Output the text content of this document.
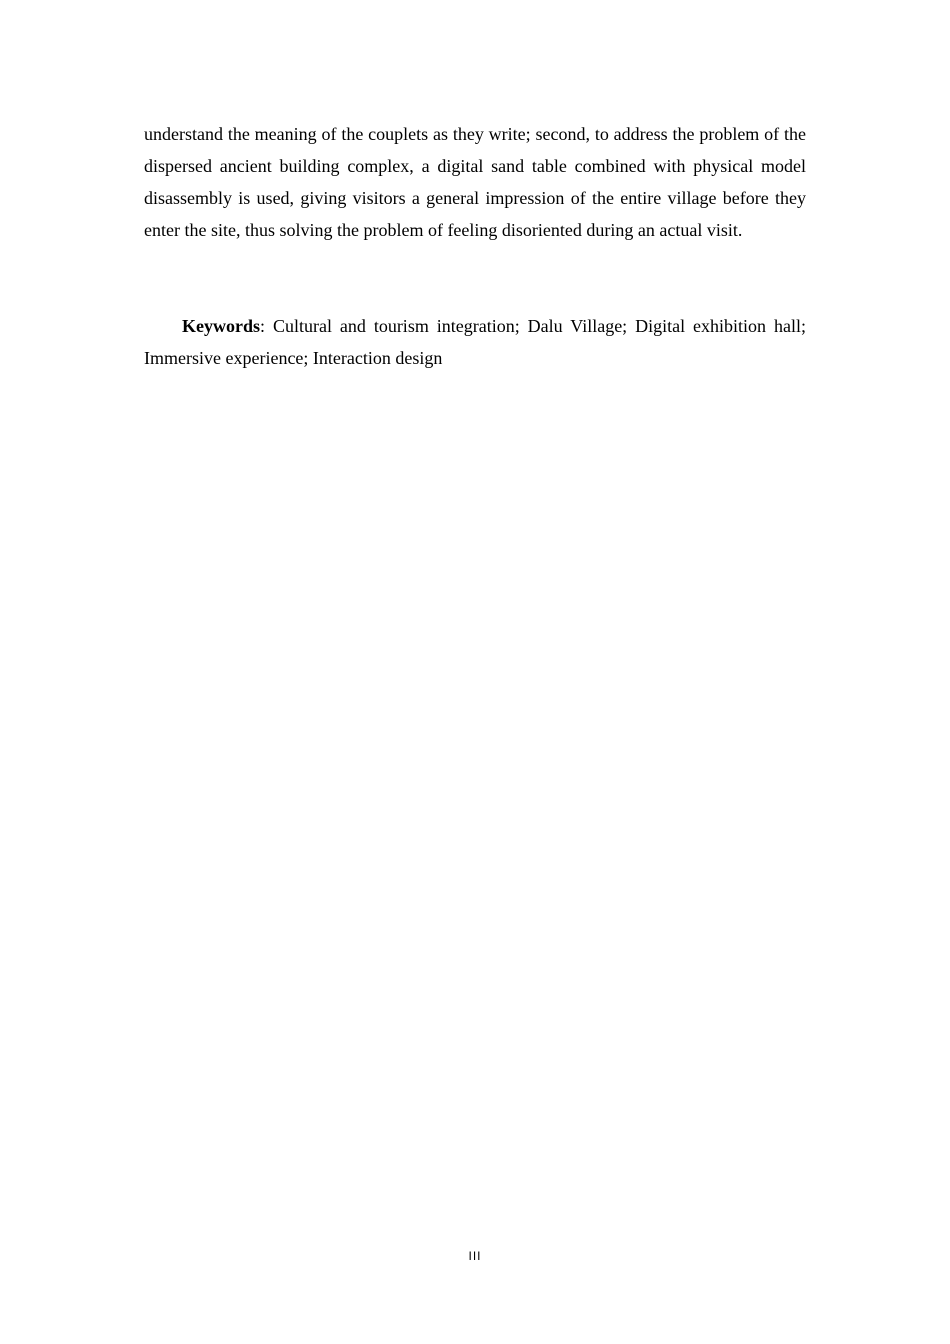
understand the meaning of the couplets as they write; second, to address the problem of the dispersed ancient building complex, a digital sand table combined with physical model disassembly is used, giving visitors a general impression of the entire village before they enter the site, thus solving the problem of feeling disoriented during an actual visit.

Keywords: Cultural and tourism integration; Dalu Village; Digital exhibition hall; Immersive experience; Interaction design

III
